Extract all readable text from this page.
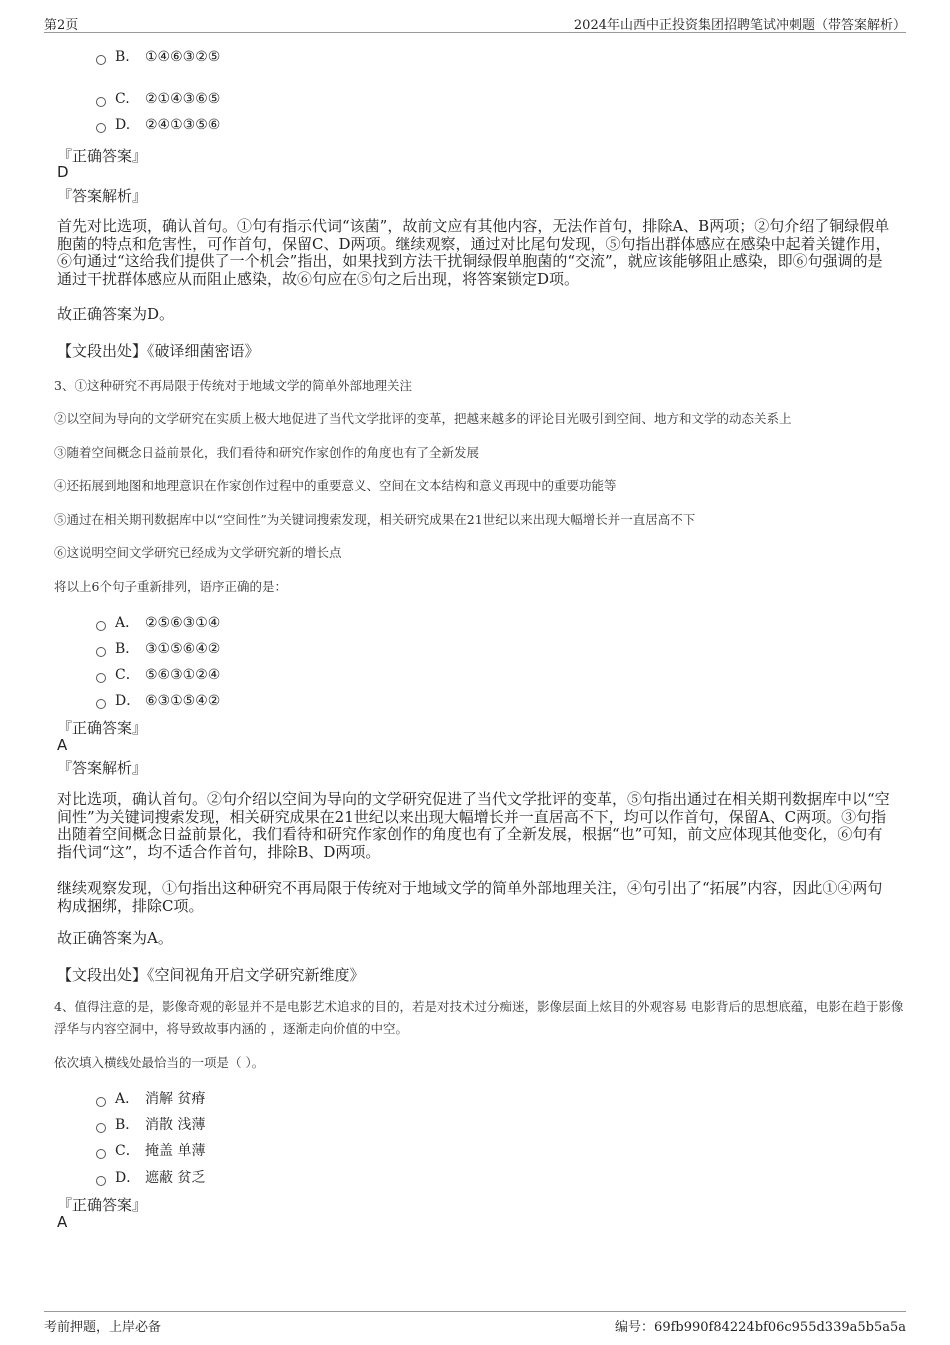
第2页	2024年山西中正投资集团招聘笔试冲刺题（带答案解析）
B. ①④⑥③②⑤
C. ②①④③⑥⑤
D. ②④①③⑤⑥
『正确答案』
D
『答案解析』
首先对比选项，确认首句。①句有指示代词“该菌”，故前文应有其他内容，无法作首句，排除A、B两项；②句介绍了铜绿假单胞菌的特点和危害性，可作首句，保留C、D两项。继续观察，通过对比尾句发现，⑤句指出群体感应在感染中起着关键作用，⑥句通过“这给我们提供了一个机会”指出，如果找到方法干扰铜绿假单胞菌的“交流”，就应该能够阻止感染，即⑥句强调的是通过干扰群体感应从而阻止感染，故⑥句应在⑤句之后出现，将答案锁定D项。
故正确答案为D。
【文段出处】《破译细菌密语》
3、①这种研究不再局限于传统对于地域文学的简单外部地理关注
②以空间为导向的文学研究在实质上极大地促进了当代文学批评的变革，把越来越多的评论目光吸引到空间、地方和文学的动态关系上
③随着空间概念日益前景化，我们看待和研究作家创作的角度也有了全新发展
④还拓展到地图和地理意识在作家创作过程中的重要意义、空间在文本结构和意义再现中的重要功能等
⑤通过在相关期刊数据库中以“空间性”为关键词搜索发现，相关研究成果在21世纪以来出现大幅增长并一直居高不下
⑥这说明空间文学研究已经成为文学研究新的增长点
将以上6个句子重新排列，语序正确的是：
A． ②⑤⑥③①④
B． ③①⑤⑥④②
C． ⑤⑥③①②④
D． ⑥③①⑤④②
『正确答案』
A
『答案解析』
对比选项，确认首句。②句介绍以空间为导向的文学研究促进了当代文学批评的变革，⑤句指出通过在相关期刊数据库中以“空间性”为关键词搜索发现，相关研究成果在21世纪以来出现大幅增长并一直居高不下，均可以作首句，保留A、C两项。③句指出随着空间概念日益前景化，我们看待和研究作家创作的角度也有了全新发展，根据“也”可知，前文应体现其他变化，⑥句有指代词“这”，均不适合作首句，排除B、D两项。
继续观察发现，①句指出这种研究不再局限于传统对于地域文学的简单外部地理关注，④句引出了“拓展”内容，因此①④两句构成捆绑，排除C项。
故正确答案为A。
【文段出处】《空间视角开启文学研究新维度》
4、值得注意的是，影像奇观的彰显并不是电影艺术追求的目的，若是对技术过分痴迷，影像层面上炫目的外观容易 电影背后的思想底蕴，电影在趋于影像浮华与内容空洞中，将导致故事内涵的 ，逐渐走向价值的中空。
依次填入横线处最恰当的一项是（ ）。
A． 消解 贫瘠
B． 消散 浅薄
C． 掩盖 单薄
D． 遮蔽 贫乏
『正确答案』
A
考前押题，上岸必备	编号：69fb990f84224bf06c955d339a5b5a5a
